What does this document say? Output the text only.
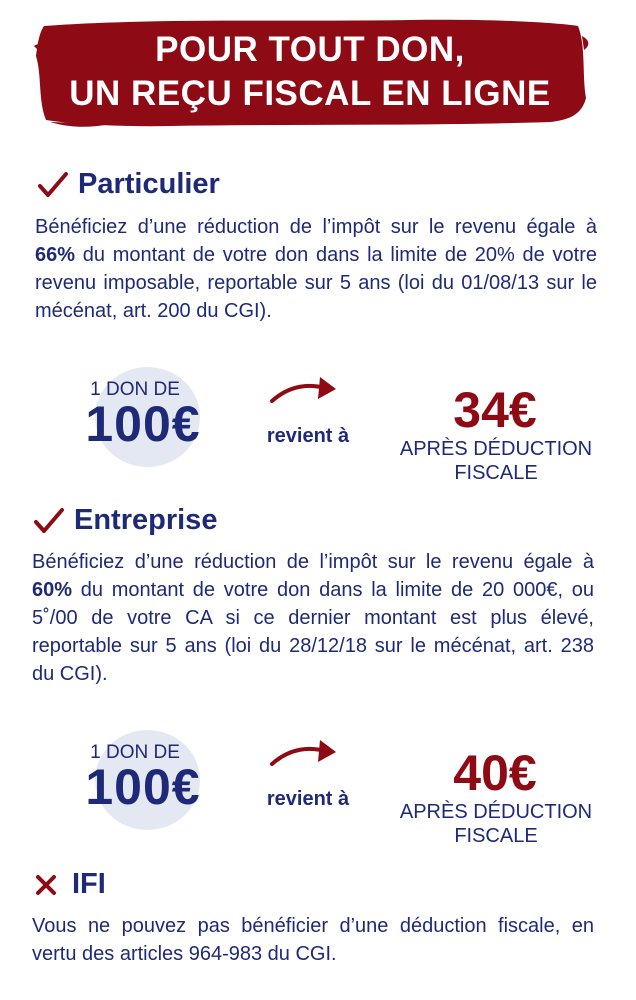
POUR TOUT DON,
UN REÇU FISCAL EN LIGNE
Particulier
Bénéficiez d’une réduction de l’impôt sur le revenu égale à 66% du montant de votre don dans la limite de 20% de votre revenu imposable, reportable sur 5 ans (loi du 01/08/13 sur le mécénat, art. 200 du CGI).
1 DON DE
100€	revient à	34€
APRÈS DÉDUCTION
FISCALE
Entreprise
Bénéficiez d’une réduction de l’impôt sur le revenu égale à 60% du montant de votre don dans la limite de 20 000€, ou 5˚/00 de votre CA si ce dernier montant est plus élevé, reportable sur 5 ans (loi du 28/12/18 sur le mécénat, art. 238 du CGI).
1 DON DE
100€	revient à	40€
APRÈS DÉDUCTION
FISCALE
IFI
Vous ne pouvez pas bénéficier d’une déduction fiscale, en vertu des articles 964-983 du CGI.
